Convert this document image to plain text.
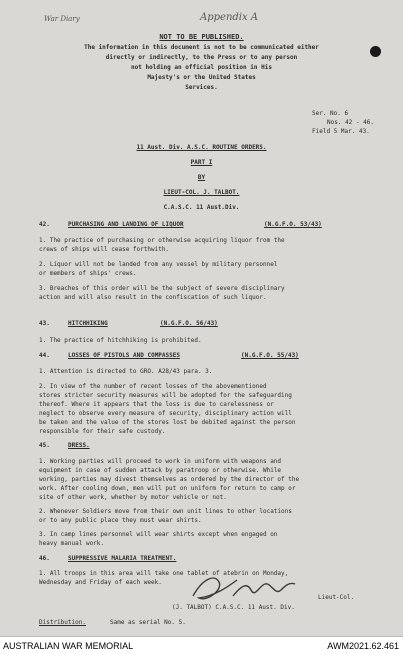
War Diary	Appendix A
NOT TO BE PUBLISHED.
The information in this document is not to be communicated either
directly or indirectly, to the Press or to any person
not holding an official position in His
Majesty's or the United States
Services.
Ser. No. 6
Nos. 42 - 46.
Field 5 Mar. 43.
11 Aust. Div. A.S.C. ROUTINE ORDERS.
PART I
BY
LIEUT-COL. J. TALBOT.
C.A.S.C. 11 Aust.Div.
42.	PURCHASING AND LANDING OF LIQUOR	(N.G.F.O. 53/43)
1. The practice of purchasing or otherwise acquiring liquor from the
crews of ships will cease forthwith.
2. Liquor will not be landed from any vessel by military personnel
or members of ships' crews.
3. Breaches of this order will be the subject of severe disciplinary
action and will also result in the confiscation of such liquor.
43.	HITCHHIKING	(N.G.F.O. 56/43)
1. The practice of hitchhiking is prohibited.
44.	LOSSES OF PISTOLS AND COMPASSES	(N.G.F.O. 55/43)
1. Attention is directed to GRO. A28/43 para. 3.
2. In view of the number of recent losses of the abovementioned
stores stricter security measures will be adopted for the safeguarding
thereof. Where it appears that the loss is due to carelessness or
neglect to observe every measure of security, disciplinary action will
be taken and the value of the stores lost be debited against the person
responsible for their safe custody.
45.	DRESS.
1. Working parties will proceed to work in uniform with weapons and
equipment in case of sudden attack by paratroop or otherwise. While
working, parties may divest themselves as ordered by the director of the
work. After cooling down, men will put on uniform for return to camp or
site of other work, whether by motor vehicle or not.
2. Whenever Soldiers move from their own unit lines to other locations
or to any public place they must wear shirts.
3. In camp lines personnel will wear shirts except when engaged on
heavy manual work.
46.	SUPPRESSIVE MALARIA TREATMENT.
1. All troops in this area will take one tablet of atebrin on Monday,
Wednesday and Friday of each week.
Lieut-Col.
(J. TALBOT) C.A.S.C. 11 Aust. Div.
Distribution.	Same as serial No. 5.
AUSTRALIAN WAR MEMORIAL	AWM2021.62.461
